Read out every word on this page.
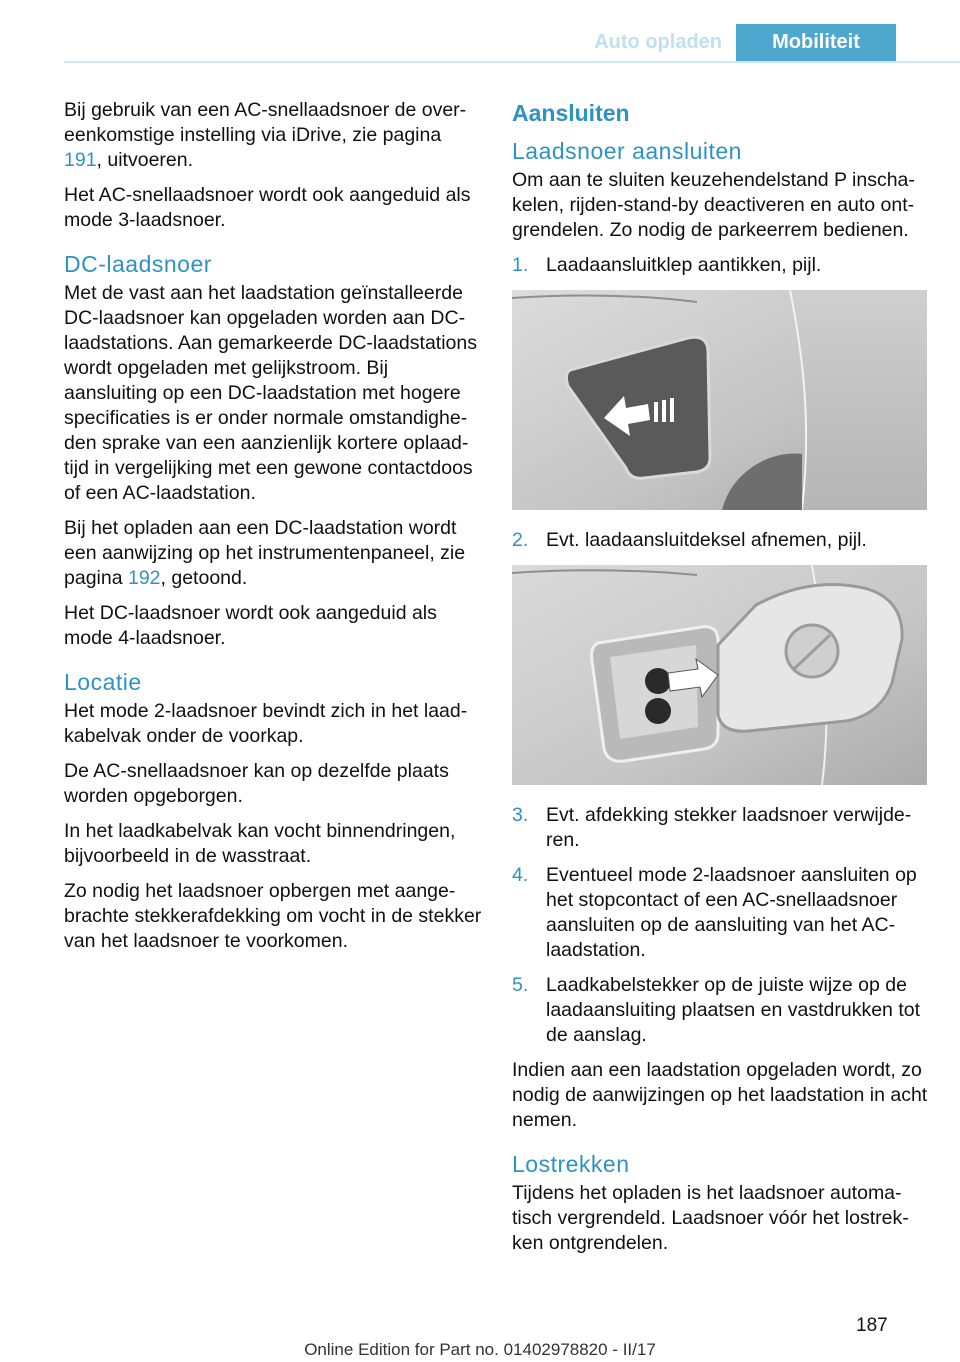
Auto opladen	Mobiliteit

Bij gebruik van een AC-snellaadsnoer de overeenkomstige instelling via iDrive, zie pagina 191, uitvoeren.

Het AC-snellaadsnoer wordt ook aangeduid als mode 3-laadsnoer.

DC-laadsnoer

Met de vast aan het laadstation geïnstalleerde DC-laadsnoer kan opgeladen worden aan DC-laadstations. Aan gemarkeerde DC-laadstations wordt opgeladen met gelijkstroom. Bij aansluiting op een DC-laadstation met hogere specificaties is er onder normale omstandigheden sprake van een aanzienlijk kortere oplaadtijd in vergelijking met een gewone contactdoos of een AC-laadstation.

Bij het opladen aan een DC-laadstation wordt een aanwijzing op het instrumentenpaneel, zie pagina 192, getoond.

Het DC-laadsnoer wordt ook aangeduid als mode 4-laadsnoer.

Locatie

Het mode 2-laadsnoer bevindt zich in het laadkabelvak onder de voorkap.

De AC-snellaadsnoer kan op dezelfde plaats worden opgeborgen.

In het laadkabelvak kan vocht binnendringen, bijvoorbeeld in de wasstraat.

Zo nodig het laadsnoer opbergen met aangebrachte stekkerafdekking om vocht in de stekker van het laadsnoer te voorkomen.

Aansluiten
Laadsnoer aansluiten

Om aan te sluiten keuzehendelstand P inschakelen, rijden-stand-by deactiveren en auto ontgrendelen. Zo nodig de parkeerrem bedienen.

1. Laadaansluitklep aantikken, pijl.
2. Evt. laadaansluitdeksel afnemen, pijl.
3. Evt. afdekking stekker laadsnoer verwijderen.
4. Eventueel mode 2-laadsnoer aansluiten op het stopcontact of een AC-snellaadsnoer aansluiten op de aansluiting van het AC-laadstation.
5. Laadkabelstekker op de juiste wijze op de laadaansluiting plaatsen en vastdrukken tot de aanslag.

Indien aan een laadstation opgeladen wordt, zo nodig de aanwijzingen op het laadstation in acht nemen.

Lostrekken

Tijdens het opladen is het laadsnoer automatisch vergrendeld. Laadsnoer vóór het lostrekken ontgrendelen.

187
Online Edition for Part no. 01402978820 - II/17
